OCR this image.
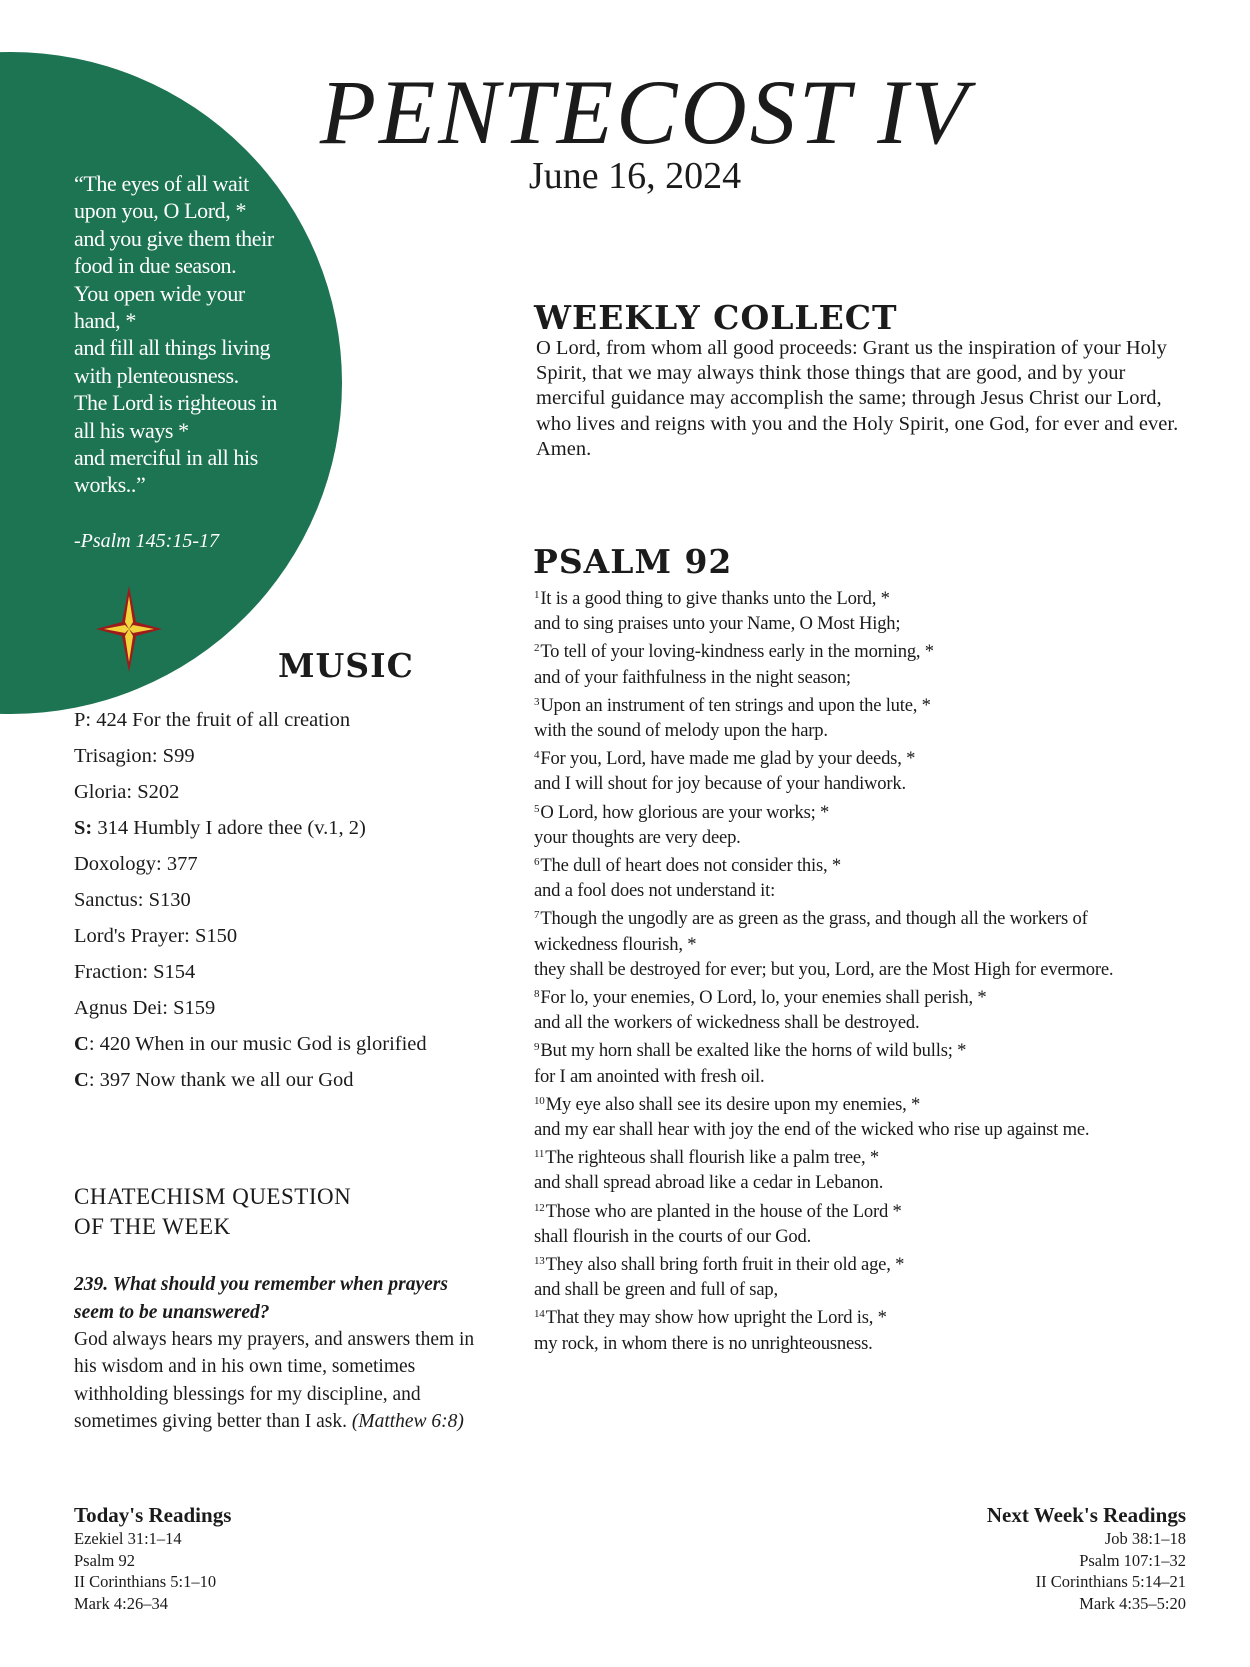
“The eyes of all wait
upon you, O Lord, *
and you give them their
food in due season.
You open wide your
hand, *
and fill all things living
with plenteousness.
The Lord is righteous in
all his ways *
and merciful in all his
works..”
-Psalm 145:15-17
PENTECOST IV
June 16, 2024
WEEKLY COLLECT
O Lord, from whom all good proceeds: Grant us the inspiration of your Holy Spirit, that we may always think those things that are good, and by your merciful guidance may accomplish the same; through Jesus Christ our Lord, who lives and reigns with you and the Holy Spirit, one God, for ever and ever. Amen.
PSALM 92
$^1$It is a good thing to give thanks unto the Lord, *
and to sing praises unto your Name, O Most High;
$^2$To tell of your loving-kindness early in the morning, *
and of your faithfulness in the night season;
$^3$Upon an instrument of ten strings and upon the lute, *
with the sound of melody upon the harp.
$^4$For you, Lord, have made me glad by your deeds, *
and I will shout for joy because of your handiwork.
$^5$O Lord, how glorious are your works; *
your thoughts are very deep.
$^6$The dull of heart does not consider this, *
and a fool does not understand it:
$^7$Though the ungodly are as green as the grass, and though all the workers of
wickedness flourish, *
they shall be destroyed for ever; but you, Lord, are the Most High for evermore.
$^8$For lo, your enemies, O Lord, lo, your enemies shall perish, *
and all the workers of wickedness shall be destroyed.
$^9$But my horn shall be exalted like the horns of wild bulls; *
for I am anointed with fresh oil.
$^{10}$My eye also shall see its desire upon my enemies, *
and my ear shall hear with joy the end of the wicked who rise up against me.
$^{11}$The righteous shall flourish like a palm tree, *
and shall spread abroad like a cedar in Lebanon.
$^{12}$Those who are planted in the house of the Lord *
shall flourish in the courts of our God.
$^{13}$They also shall bring forth fruit in their old age, *
and shall be green and full of sap,
$^{14}$That they may show how upright the Lord is, *
my rock, in whom there is no unrighteousness.
MUSIC
P: 424 For the fruit of all creation
Trisagion: S99
Gloria: S202
S: 314 Humbly I adore thee (v.1, 2)
Doxology: 377
Sanctus: S130
Lord's Prayer: S150
Fraction: S154
Agnus Dei: S159
C: 420 When in our music God is glorified
C: 397 Now thank we all our God
CHATECHISM QUESTION
OF THE WEEK
239. What should you remember when prayers seem to be unanswered?
God always hears my prayers, and answers them in his wisdom and in his own time, sometimes withholding blessings for my discipline, and sometimes giving better than I ask. (Matthew 6:8)
Today's Readings
Ezekiel 31:1–14
Psalm 92
II Corinthians 5:1–10
Mark 4:26–34
Next Week's Readings
Job 38:1–18
Psalm 107:1–32
II Corinthians 5:14–21
Mark 4:35–5:20
